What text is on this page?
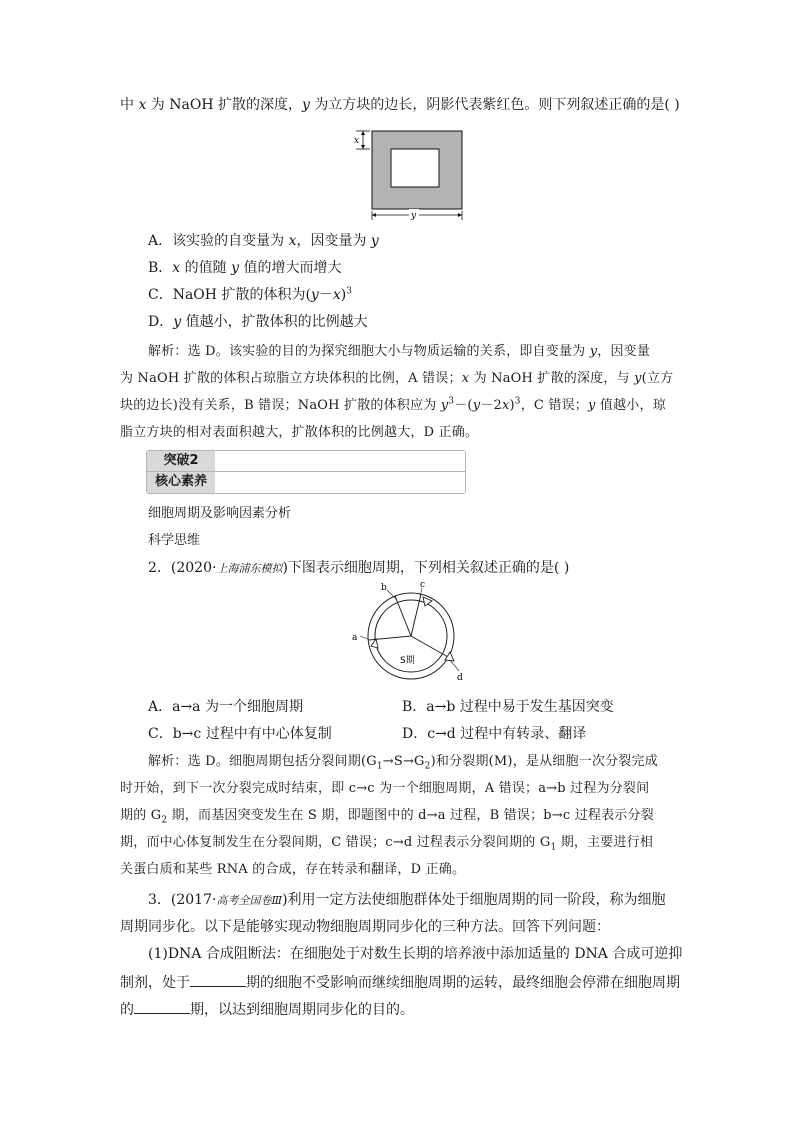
中 x 为 NaOH 扩散的深度，y 为立方块的边长，阴影代表紫红色。则下列叙述正确的是( )
x
y
A．该实验的自变量为 x，因变量为 y
B．x 的值随 y 值的增大而增大
C．NaOH 扩散的体积为$(y-x)^3$
D．y 值越小，扩散体积的比例越大
解析：选 D。该实验的目的为探究细胞大小与物质运输的关系，即自变量为 y，因变量
为 NaOH 扩散的体积占琼脂立方块体积的比例，A 错误；x 为 NaOH 扩散的深度，与 y(立方
块的边长)没有关系，B 错误；NaOH 扩散的体积应为 $y^3-(y-2x)^3$，C 错误；y 值越小，琼
脂立方块的相对表面积越大，扩散体积的比例越大，D 正确。
突破2
核心素养
细胞周期及影响因素分析
科学思维
2．(2020·上海浦东模拟)下图表示细胞周期，下列相关叙述正确的是( )
b	c
a
d
S期
A．a→a 为一个细胞周期	B．a→b 过程中易于发生基因突变
C．b→c 过程中有中心体复制	D．c→d 过程中有转录、翻译
解析：选 D。细胞周期包括分裂间期$(G_1\to S\to G_2)$和分裂期(M)，是从细胞一次分裂完成
时开始，到下一次分裂完成时结束，即 c→c 为一个细胞周期，A 错误；a→b 过程为分裂间
期的 $G_2$ 期，而基因突变发生在 S 期，即题图中的 d→a 过程，B 错误；b→c 过程表示分裂
期，而中心体复制发生在分裂间期，C 错误；c→d 过程表示分裂间期的 $G_1$ 期，主要进行相
关蛋白质和某些 RNA 的合成，存在转录和翻译，D 正确。
3．(2017·高考全国卷Ⅲ)利用一定方法使细胞群体处于细胞周期的同一阶段，称为细胞
周期同步化。以下是能够实现动物细胞周期同步化的三种方法。回答下列问题：
(1)DNA 合成阻断法：在细胞处于对数生长期的培养液中添加适量的 DNA 合成可逆抑
制剂，处于	期的细胞不受影响而继续细胞周期的运转，最终细胞会停滞在细胞周期
的	期，以达到细胞周期同步化的目的。
